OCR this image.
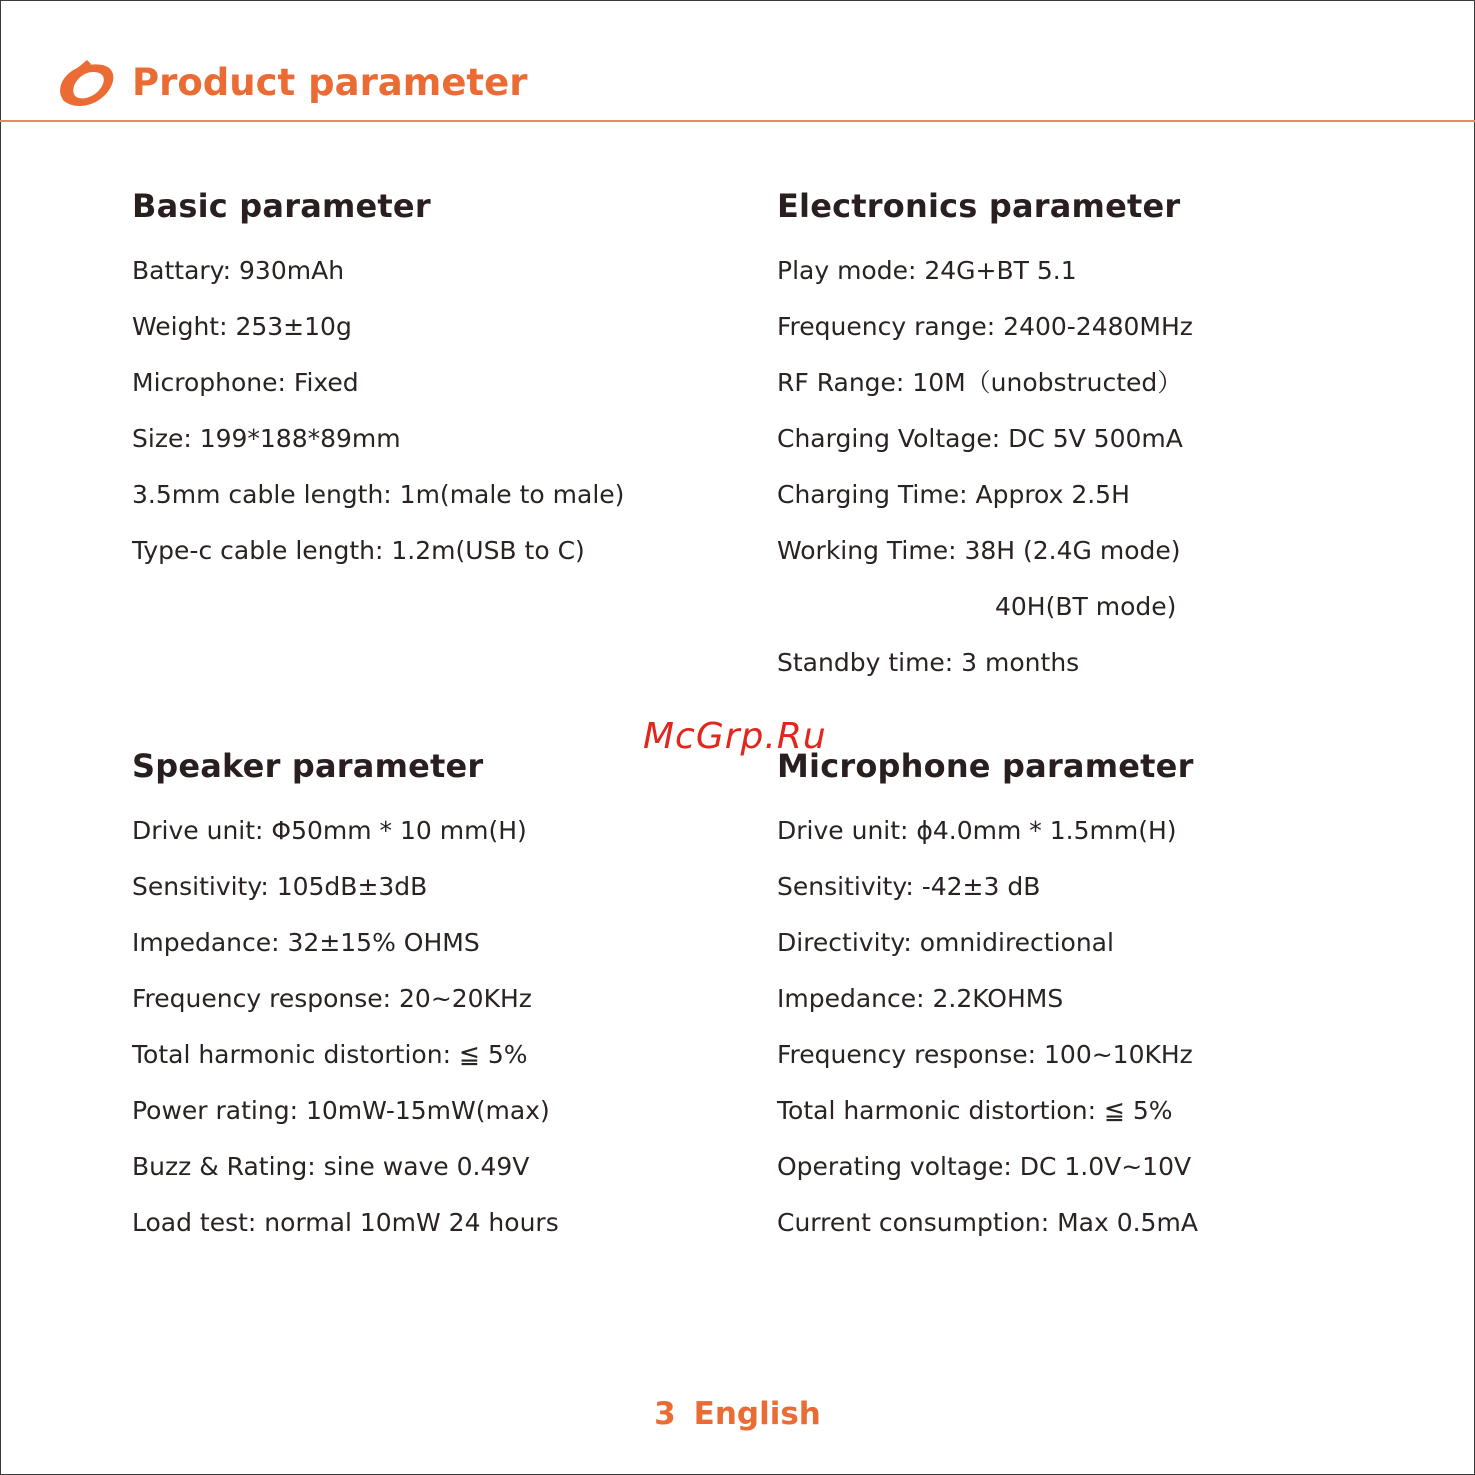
Product parameter
Basic parameter
Battary: 930mAh
Weight: 253±10g
Microphone: Fixed
Size: 199*188*89mm
3.5mm cable length: 1m(male to male)
Type-c cable length: 1.2m(USB to C)
Electronics parameter
Play mode: 24G+BT 5.1
Frequency range: 2400-2480MHz
RF Range: 10M（unobstructed）
Charging Voltage: DC 5V 500mA
Charging Time: Approx 2.5H
Working Time: 38H (2.4G mode)
40H(BT mode)
Standby time: 3 months
Speaker parameter
Drive unit: Φ50mm * 10 mm(H)
Sensitivity: 105dB±3dB
Impedance: 32±15% OHMS
Frequency response: 20~20KHz
Total harmonic distortion: ≦ 5%
Power rating: 10mW-15mW(max)
Buzz & Rating: sine wave 0.49V
Load test: normal 10mW 24 hours
Microphone parameter
Drive unit: ϕ4.0mm * 1.5mm(H)
Sensitivity: -42±3 dB
Directivity: omnidirectional
Impedance: 2.2KOHMS
Frequency response: 100~10KHz
Total harmonic distortion: ≦ 5%
Operating voltage: DC 1.0V~10V
Current consumption: Max 0.5mA
McGrp.Ru
3 English
